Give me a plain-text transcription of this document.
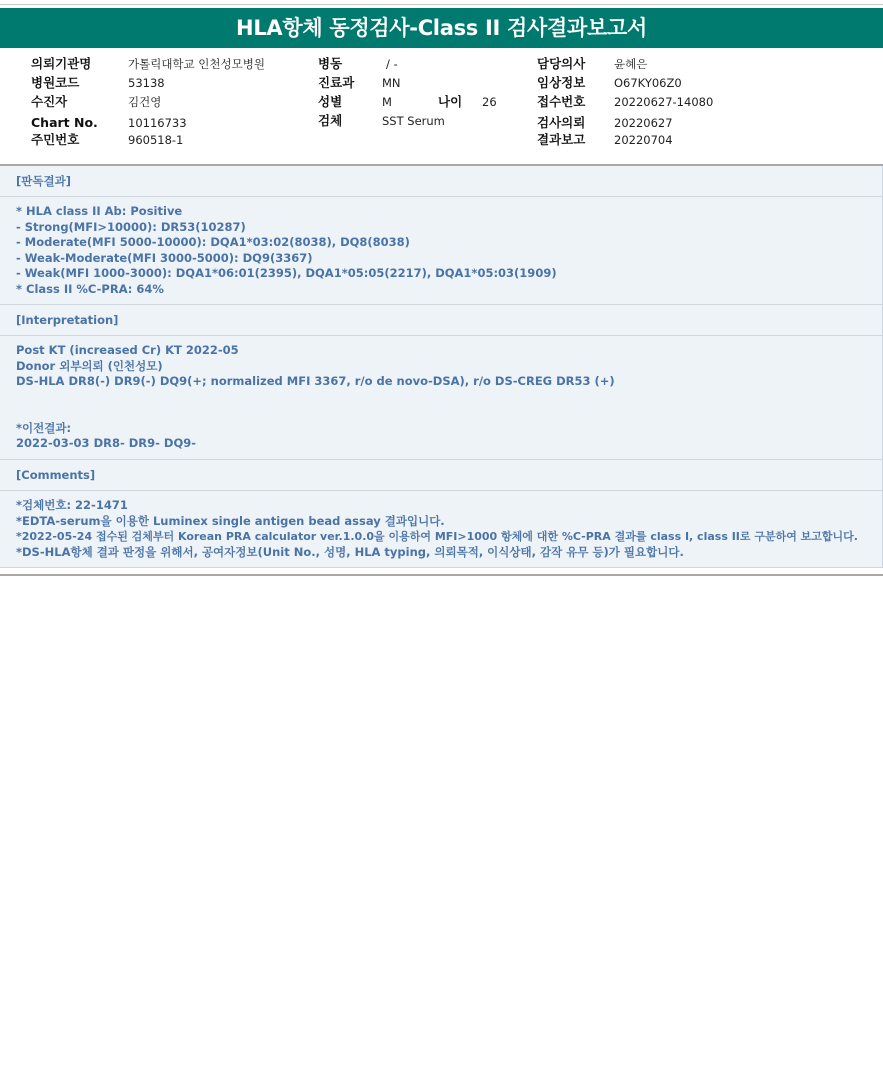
HLA항체 동정검사-Class II 검사결과보고서
의뢰기관명	가톨릭대학교 인천성모병원
병원코드	53138
수진자	김건영
Chart No.	10116733
주민번호	960518-1
병동	/ -
진료과 MN
성별	M	나이 26
검체	SST Serum
담당의사 윤혜은
임상정보 O67KY06Z0
접수번호 20220627-14080
검사의뢰 20220627
결과보고 20220704
[판독결과]
* HLA class II Ab: Positive
- Strong(MFI>10000): DR53(10287)
- Moderate(MFI 5000-10000): DQA1*03:02(8038), DQ8(8038)
- Weak-Moderate(MFI 3000-5000): DQ9(3367)
- Weak(MFI 1000-3000): DQA1*06:01(2395), DQA1*05:05(2217), DQA1*05:03(1909)
* Class II %C-PRA: 64%
[Interpretation]
Post KT (increased Cr) KT 2022-05
Donor 외부의뢰 (인천성모)
DS-HLA DR8(-) DR9(-) DQ9(+; normalized MFI 3367, r/o de novo-DSA), r/o DS-CREG DR53 (+)
*이전결과:
2022-03-03 DR8- DR9- DQ9-
[Comments]
*검체번호: 22-1471
*EDTA-serum을 이용한 Luminex single antigen bead assay 결과입니다.
*2022-05-24 접수된 검체부터 Korean PRA calculator ver.1.0.0을 이용하여 MFI>1000 항체에 대한 %C-PRA 결과를 class I, class II로 구분하여 보고합니다.
*DS-HLA항체 결과 판정을 위해서, 공여자정보(Unit No., 성명, HLA typing, 의뢰목적, 이식상태, 감작 유무 등)가 필요합니다.
